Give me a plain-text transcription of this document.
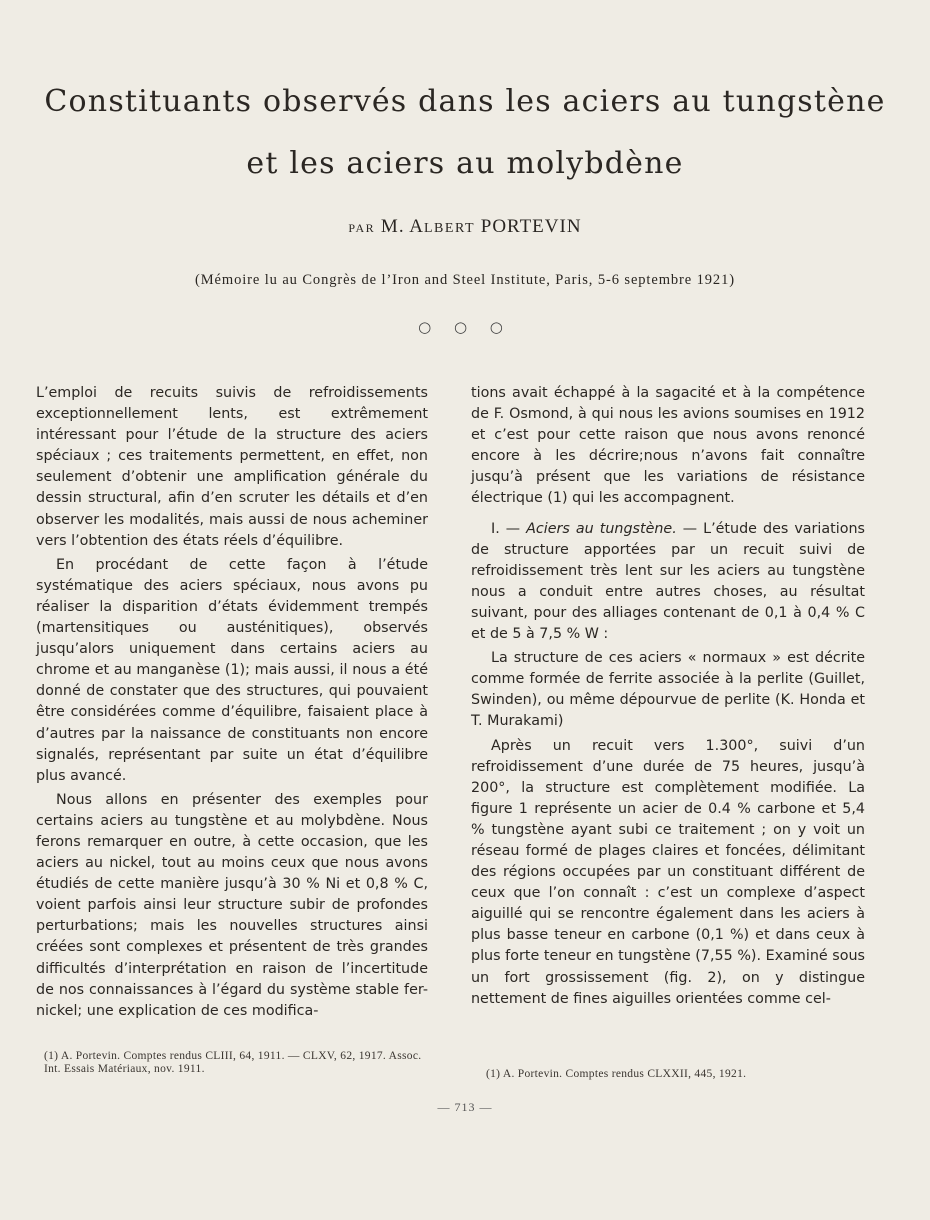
Constituants observés dans les aciers au tungstène
et les aciers au molybdène
PAR M. ALBERT PORTEVIN
(Mémoire lu au Congrès de l’Iron and Steel Institute, Paris, 5-6 septembre 1921)
○ ○ ○

L’emploi de recuits suivis de refroidissements exceptionnellement lents, est extrêmement intéressant pour l’étude de la structure des aciers spéciaux ; ces traitements permettent, en effet, non seulement d’obtenir une amplification générale du dessin structural, afin d’en scruter les détails et d’en observer les modalités, mais aussi de nous acheminer vers l’obtention des états réels d’équilibre.

En procédant de cette façon à l’étude systématique des aciers spéciaux, nous avons pu réaliser la disparition d’états évidemment trempés (martensitiques ou austénitiques), observés jusqu’alors uniquement dans certains aciers au chrome et au manganèse (1); mais aussi, il nous a été donné de constater que des structures, qui pouvaient être considérées comme d’équilibre, faisaient place à d’autres par la naissance de constituants non encore signalés, représentant par suite un état d’équilibre plus avancé.

Nous allons en présenter des exemples pour certains aciers au tungstène et au molybdène. Nous ferons remarquer en outre, à cette occasion, que les aciers au nickel, tout au moins ceux que nous avons étudiés de cette manière jusqu’à 30 % Ni et 0,8 % C, voient parfois ainsi leur structure subir de profondes perturbations; mais les nouvelles structures ainsi créées sont complexes et présentent de très grandes difficultés d’interprétation en raison de l’incertitude de nos connaissances à l’égard du système stable fer-nickel; une explication de ces modifica-

tions avait échappé à la sagacité et à la compétence de F. Osmond, à qui nous les avions soumises en 1912 et c’est pour cette raison que nous avons renoncé encore à les décrire;nous n’avons fait connaître jusqu’à présent que les variations de résistance électrique (1) qui les accompagnent.

I. — Aciers au tungstène. — L’étude des variations de structure apportées par un recuit suivi de refroidissement très lent sur les aciers au tungstène nous a conduit entre autres choses, au résultat suivant, pour des alliages contenant de 0,1 à 0,4 % C et de 5 à 7,5 % W :

La structure de ces aciers « normaux » est décrite comme formée de ferrite associée à la perlite (Guillet, Swinden), ou même dépourvue de perlite (K. Honda et T. Murakami)

Après un recuit vers 1.300°, suivi d’un refroidissement d’une durée de 75 heures, jusqu’à 200°, la structure est complètement modifiée. La figure 1 représente un acier de 0.4 % carbone et 5,4 % tungstène ayant subi ce traitement ; on y voit un réseau formé de plages claires et foncées, délimitant des régions occupées par un constituant différent de ceux que l’on connaît : c’est un complexe d’aspect aiguillé qui se rencontre également dans les aciers à plus basse teneur en carbone (0,1 %) et dans ceux à plus forte teneur en tungstène (7,55 %). Examiné sous un fort grossissement (fig. 2), on y distingue nettement de fines aiguilles orientées comme cel-

(1) A. Portevin. Comptes rendus CLIII, 64, 1911. — CLXV, 62, 1917. Assoc. Int. Essais Matériaux, nov. 1911.	(1) A. Portevin. Comptes rendus CLXXII, 445, 1921.
— 713 —
